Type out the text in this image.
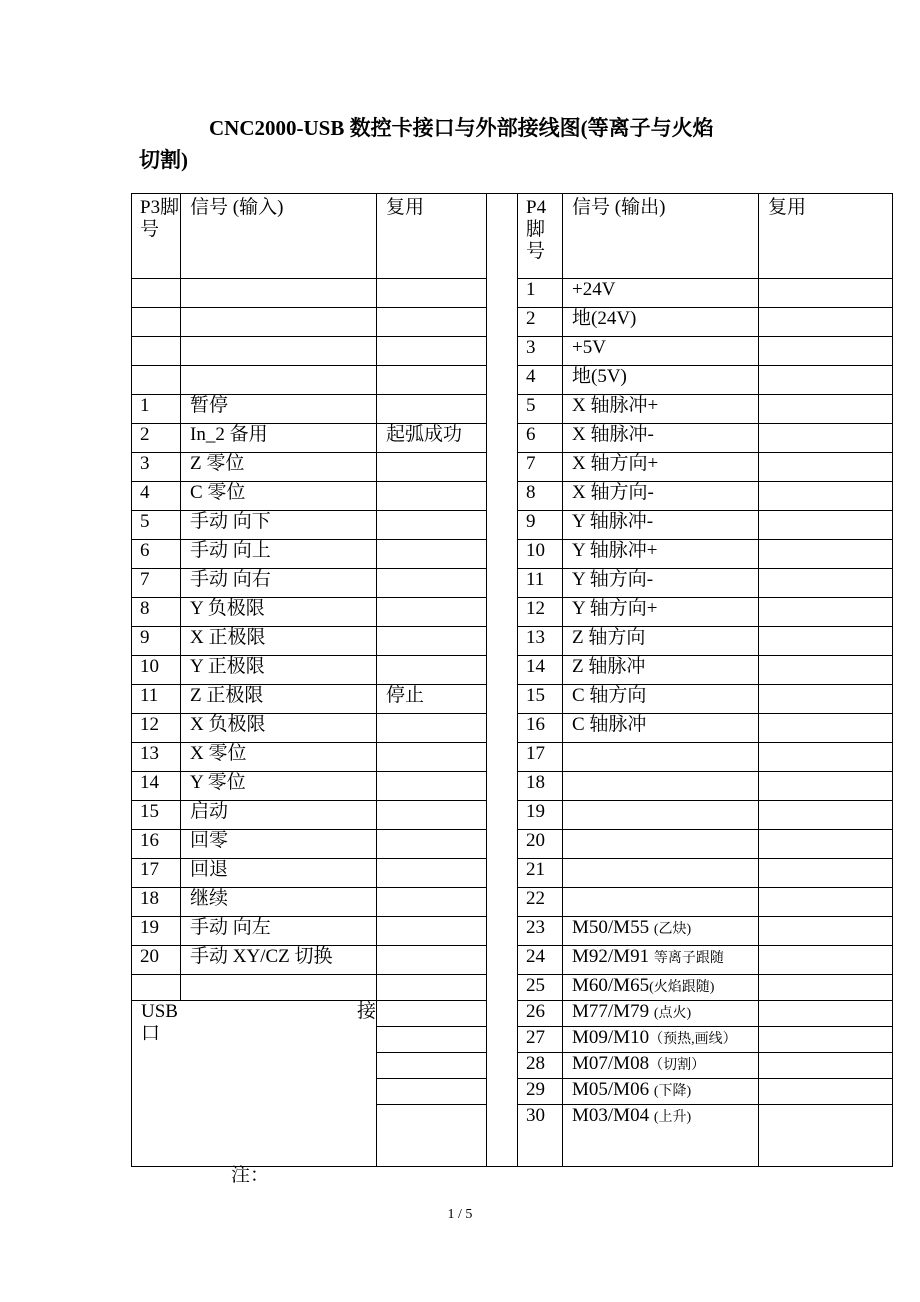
CNC2000-USB 数控卡接口与外部接线图(等离子与火焰
切割)
P3脚号	信号 (输入)	复用		P4脚号	信号 (输出)	复用
				1	+24V	
				2	地(24V)	
				3	+5V	
				4	地(5V)	
1	暂停			5	X 轴脉冲+	
2	In_2 备用	起弧成功		6	X 轴脉冲-	
3	Z 零位			7	X 轴方向+	
4	C 零位			8	X 轴方向-	
5	手动 向下			9	Y 轴脉冲-	
6	手动 向上			10	Y 轴脉冲+	
7	手动 向右			11	Y 轴方向-	
8	Y 负极限			12	Y 轴方向+	
9	X 正极限			13	Z 轴方向	
10	Y 正极限			14	Z 轴脉冲	
11	Z 正极限	停止		15	C 轴方向	
12	X 负极限			16	C 轴脉冲	
13	X 零位			17		
14	Y 零位			18		
15	启动			19		
16	回零			20		
17	回退			21		
18	继续			22		
19	手动 向左			23	M50/M55 (乙炔)	
20	手动 XY/CZ 切换			24	M92/M91 等离子跟随	
				25	M60/M65(火焰跟随)	

USB 接
口				26	M77/M79 (点火)	
				27	M09/M10（预热,画线）	
				28	M07/M08（切割）	
				29	M05/M06 (下降)	
				30	M03/M04 (上升)	
注：
1 / 5
